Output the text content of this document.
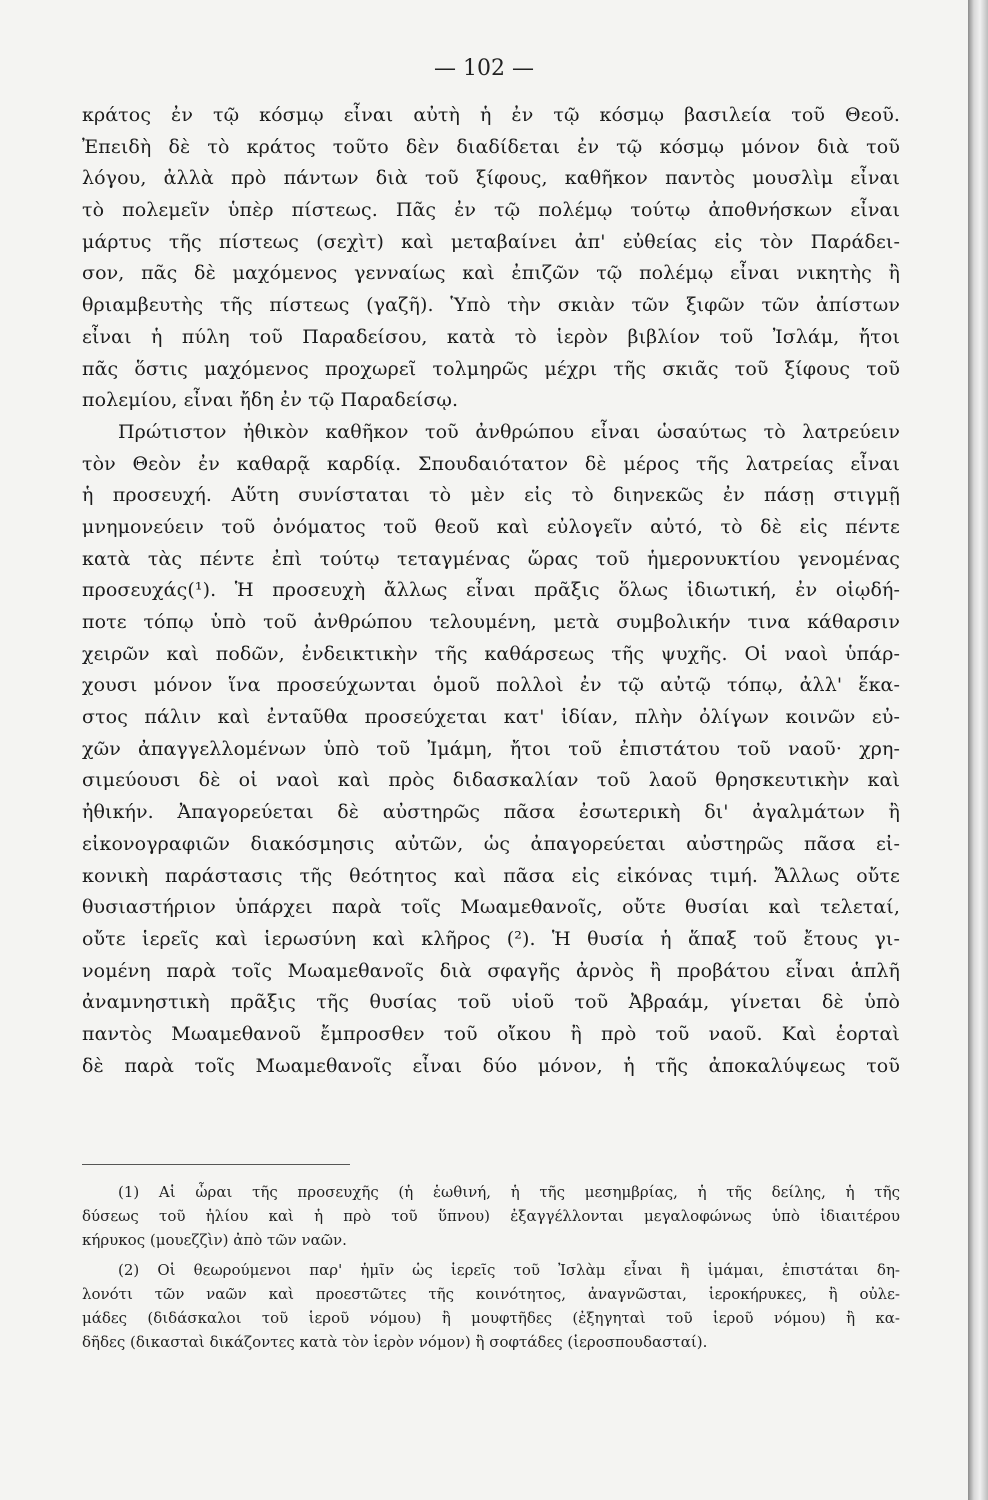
— 102 —

κράτος ἐν τῷ κόσμῳ εἶναι αὐτὴ ἡ ἐν τῷ κόσμῳ βασιλεία τοῦ Θεοῦ.
Ἐπειδὴ δὲ τὸ κράτος τοῦτο δὲν διαδίδεται ἐν τῷ κόσμῳ μόνον διὰ τοῦ
λόγου, ἀλλὰ πρὸ πάντων διὰ τοῦ ξίφους, καθῆκον παντὸς μουσλὶμ εἶναι
τὸ πολεμεῖν ὑπὲρ πίστεως. Πᾶς ἐν τῷ πολέμῳ τούτῳ ἀποθνήσκων εἶναι
μάρτυς τῆς πίστεως (σεχὶτ) καὶ μεταβαίνει ἀπ' εὐθείας εἰς τὸν Παράδει-
σον, πᾶς δὲ μαχόμενος γενναίως καὶ ἐπιζῶν τῷ πολέμῳ εἶναι νικητὴς ἢ
θριαμβευτὴς τῆς πίστεως (γαζῆ). Ὑπὸ τὴν σκιὰν τῶν ξιφῶν τῶν ἀπίστων
εἶναι ἡ πύλη τοῦ Παραδείσου, κατὰ τὸ ἱερὸν βιβλίον τοῦ Ἰσλάμ, ἤτοι
πᾶς ὅστις μαχόμενος προχωρεῖ τολμηρῶς μέχρι τῆς σκιᾶς τοῦ ξίφους τοῦ
πολεμίου, εἶναι ἤδη ἐν τῷ Παραδείσῳ.
Πρώτιστον ἠθικὸν καθῆκον τοῦ ἀνθρώπου εἶναι ὡσαύτως τὸ λατρεύειν
τὸν Θεὸν ἐν καθαρᾷ καρδίᾳ. Σπουδαιότατον δὲ μέρος τῆς λατρείας εἶναι
ἡ προσευχή. Αὕτη συνίσταται τὸ μὲν εἰς τὸ διηνεκῶς ἐν πάσῃ στιγμῇ
μνημονεύειν τοῦ ὀνόματος τοῦ θεοῦ καὶ εὐλογεῖν αὐτό, τὸ δὲ εἰς πέντε
κατὰ τὰς πέντε ἐπὶ τούτῳ τεταγμένας ὥρας τοῦ ἡμερονυκτίου γενομένας
προσευχάς(¹). Ἡ προσευχὴ ἄλλως εἶναι πρᾶξις ὅλως ἰδιωτική, ἐν οἱῳδή-
ποτε τόπῳ ὑπὸ τοῦ ἀνθρώπου τελουμένη, μετὰ συμβολικήν τινα κάθαρσιν
χειρῶν καὶ ποδῶν, ἐνδεικτικὴν τῆς καθάρσεως τῆς ψυχῆς. Οἱ ναοὶ ὑπάρ-
χουσι μόνον ἵνα προσεύχωνται ὁμοῦ πολλοὶ ἐν τῷ αὐτῷ τόπῳ, ἀλλ' ἕκα-
στος πάλιν καὶ ἐνταῦθα προσεύχεται κατ' ἰδίαν, πλὴν ὀλίγων κοινῶν εὐ-
χῶν ἀπαγγελλομένων ὑπὸ τοῦ Ἰμάμη, ἤτοι τοῦ ἐπιστάτου τοῦ ναοῦ· χρη-
σιμεύουσι δὲ οἱ ναοὶ καὶ πρὸς διδασκαλίαν τοῦ λαοῦ θρησκευτικὴν καὶ
ἠθικήν. Ἀπαγορεύεται δὲ αὐστηρῶς πᾶσα ἐσωτερικὴ δι' ἀγαλμάτων ἢ
εἰκονογραφιῶν διακόσμησις αὐτῶν, ὡς ἀπαγορεύεται αὐστηρῶς πᾶσα εἰ-
κονικὴ παράστασις τῆς θεότητος καὶ πᾶσα εἰς εἰκόνας τιμή. Ἄλλως οὔτε
θυσιαστήριον ὑπάρχει παρὰ τοῖς Μωαμεθανοῖς, οὔτε θυσίαι καὶ τελεταί,
οὔτε ἱερεῖς καὶ ἱερωσύνη καὶ κλῆρος (²). Ἡ θυσία ἡ ἅπαξ τοῦ ἔτους γι-
νομένη παρὰ τοῖς Μωαμεθανοῖς διὰ σφαγῆς ἀρνὸς ἢ προβάτου εἶναι ἁπλῆ
ἀναμνηστικὴ πρᾶξις τῆς θυσίας τοῦ υἱοῦ τοῦ Ἀβραάμ, γίνεται δὲ ὑπὸ
παντὸς Μωαμεθανοῦ ἔμπροσθεν τοῦ οἴκου ἢ πρὸ τοῦ ναοῦ. Καὶ ἑορταὶ
δὲ παρὰ τοῖς Μωαμεθανοῖς εἶναι δύο μόνον, ἡ τῆς ἀποκαλύψεως τοῦ
(1) Αἱ ὧραι τῆς προσευχῆς (ἡ ἑωθινή, ἡ τῆς μεσημβρίας, ἡ τῆς δείλης, ἡ τῆς
δύσεως τοῦ ἡλίου καὶ ἡ πρὸ τοῦ ὕπνου) ἐξαγγέλλονται μεγαλοφώνως ὑπὸ ἰδιαιτέρου
κήρυκος (μουεζζὶν) ἀπὸ τῶν ναῶν.
(2) Οἱ θεωρούμενοι παρ' ἡμῖν ὡς ἱερεῖς τοῦ Ἰσλὰμ εἶναι ἢ ἱμάμαι, ἐπιστάται δη-
λονότι τῶν ναῶν καὶ προεστῶτες τῆς κοινότητος, ἀναγνῶσται, ἱεροκήρυκες, ἢ οὐλε-
μάδες (διδάσκαλοι τοῦ ἱεροῦ νόμου) ἢ μουφτῆδες (ἐξηγηταὶ τοῦ ἱεροῦ νόμου) ἢ κα-
δῆδες (δικασταὶ δικάζοντες κατὰ τὸν ἱερὸν νόμον) ἢ σοφτάδες (ἱεροσπουδασταί).
